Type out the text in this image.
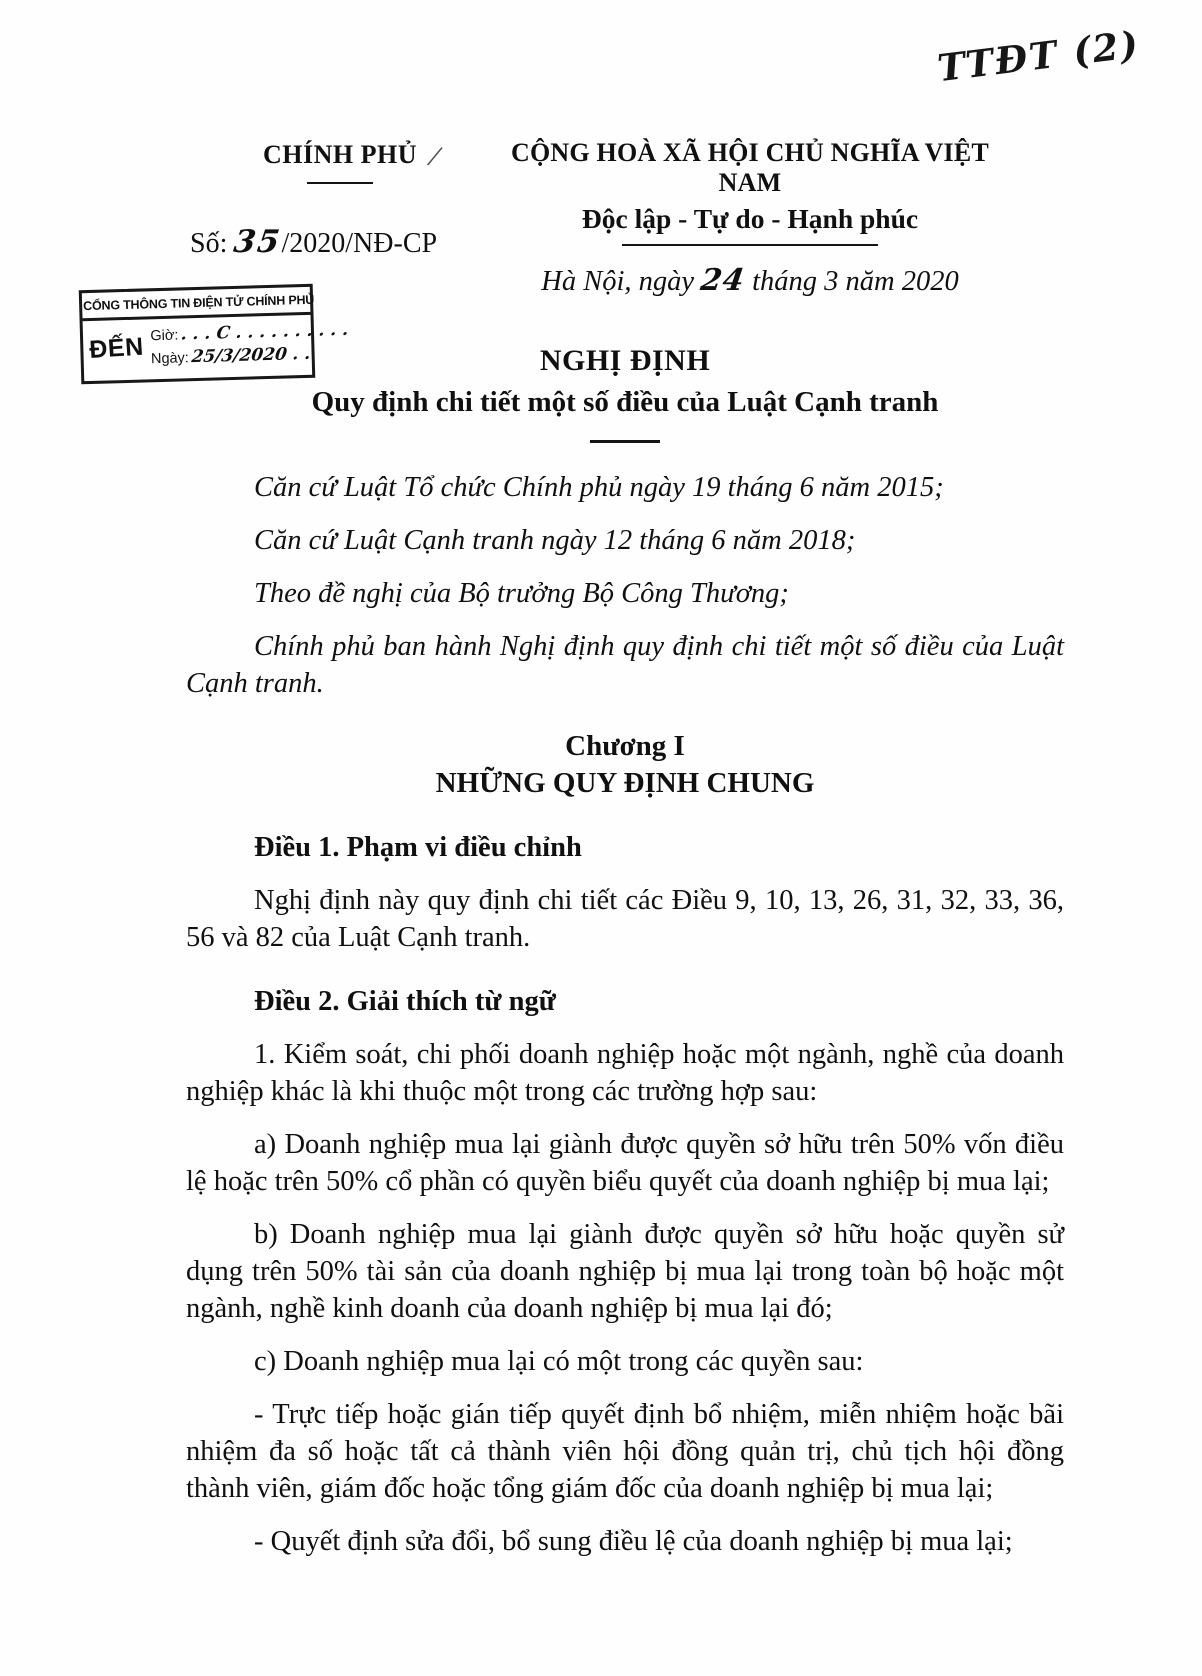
TTĐT (2)
/
CHÍNH PHỦ
Số: 35/2020/NĐ-CP
CỘNG HOÀ XÃ HỘI CHỦ NGHĨA VIỆT NAM
Độc lập - Tự do - Hạnh phúc
Hà Nội, ngày 24 tháng 3 năm 2020
CỔNG THÔNG TIN ĐIỆN TỬ CHÍNH PHỦ
ĐẾN Giờ:. . . C . . . . . . . . . .
Ngày:25/3/2020 . .	NGHỊ ĐỊNH
Quy định chi tiết một số điều của Luật Cạnh tranh

Căn cứ Luật Tổ chức Chính phủ ngày 19 tháng 6 năm 2015;

Căn cứ Luật Cạnh tranh ngày 12 tháng 6 năm 2018;

Theo đề nghị của Bộ trưởng Bộ Công Thương;

Chính phủ ban hành Nghị định quy định chi tiết một số điều của Luật Cạnh tranh.

Chương I
NHỮNG QUY ĐỊNH CHUNG
Điều 1. Phạm vi điều chỉnh

Nghị định này quy định chi tiết các Điều 9, 10, 13, 26, 31, 32, 33, 36, 56 và 82 của Luật Cạnh tranh.

Điều 2. Giải thích từ ngữ

1. Kiểm soát, chi phối doanh nghiệp hoặc một ngành, nghề của doanh nghiệp khác là khi thuộc một trong các trường hợp sau:

a) Doanh nghiệp mua lại giành được quyền sở hữu trên 50% vốn điều lệ hoặc trên 50% cổ phần có quyền biểu quyết của doanh nghiệp bị mua lại;

b) Doanh nghiệp mua lại giành được quyền sở hữu hoặc quyền sử dụng trên 50% tài sản của doanh nghiệp bị mua lại trong toàn bộ hoặc một ngành, nghề kinh doanh của doanh nghiệp bị mua lại đó;

c) Doanh nghiệp mua lại có một trong các quyền sau:

- Trực tiếp hoặc gián tiếp quyết định bổ nhiệm, miễn nhiệm hoặc bãi nhiệm đa số hoặc tất cả thành viên hội đồng quản trị, chủ tịch hội đồng thành viên, giám đốc hoặc tổng giám đốc của doanh nghiệp bị mua lại;

- Quyết định sửa đổi, bổ sung điều lệ của doanh nghiệp bị mua lại;
